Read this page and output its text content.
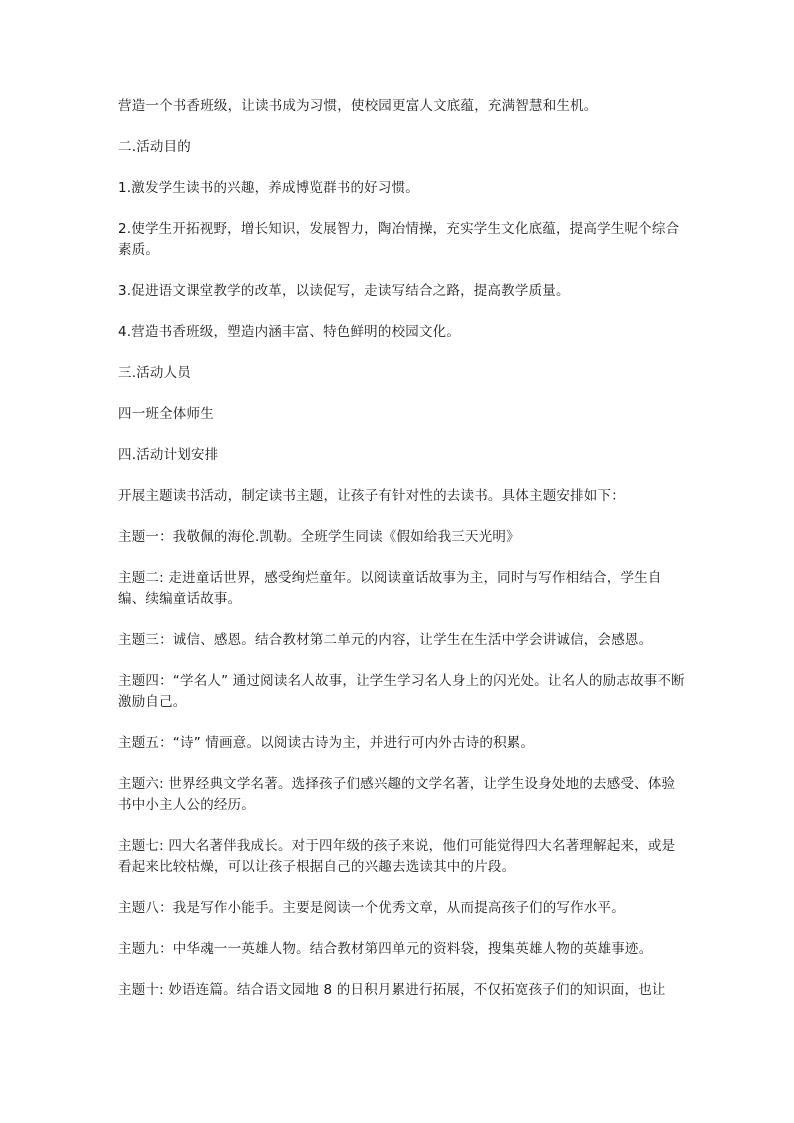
营造一个书香班级，让读书成为习惯，使校园更富人文底蕴，充满智慧和生机。

二.活动目的

1.激发学生读书的兴趣，养成博览群书的好习惯。

2.使学生开拓视野，增长知识，发展智力，陶冶情操，充实学生文化底蕴，提高学生呢个综合素质。

3.促进语文课堂教学的改革，以读促写，走读写结合之路，提高教学质量。

4.营造书香班级，塑造内涵丰富、特色鲜明的校园文化。

三.活动人员

四一班全体师生

四.活动计划安排

开展主题读书活动，制定读书主题，让孩子有针对性的去读书。具体主题安排如下：

主题一：我敬佩的海伦.凯勒。全班学生同读《假如给我三天光明》

主题二: 走进童话世界，感受绚烂童年。以阅读童话故事为主，同时与写作相结合，学生自编、续编童话故事。

主题三：诚信、感恩。结合教材第二单元的内容，让学生在生活中学会讲诚信，会感恩。

主题四：“学名人” 通过阅读名人故事，让学生学习名人身上的闪光处。让名人的励志故事不断激励自己。

主题五：“诗” 情画意。以阅读古诗为主，并进行可内外古诗的积累。

主题六: 世界经典文学名著。选择孩子们感兴趣的文学名著，让学生设身处地的去感受、体验书中小主人公的经历。

主题七: 四大名著伴我成长。对于四年级的孩子来说，他们可能觉得四大名著理解起来，或是看起来比较枯燥，可以让孩子根据自己的兴趣去选读其中的片段。

主题八：我是写作小能手。主要是阅读一个优秀文章，从而提高孩子们的写作水平。

主题九：中华魂一一英雄人物。结合教材第四单元的资料袋，搜集英雄人物的英雄事迹。

主题十: 妙语连篇。结合语文园地 8 的日积月累进行拓展，不仅拓宽孩子们的知识面，也让
